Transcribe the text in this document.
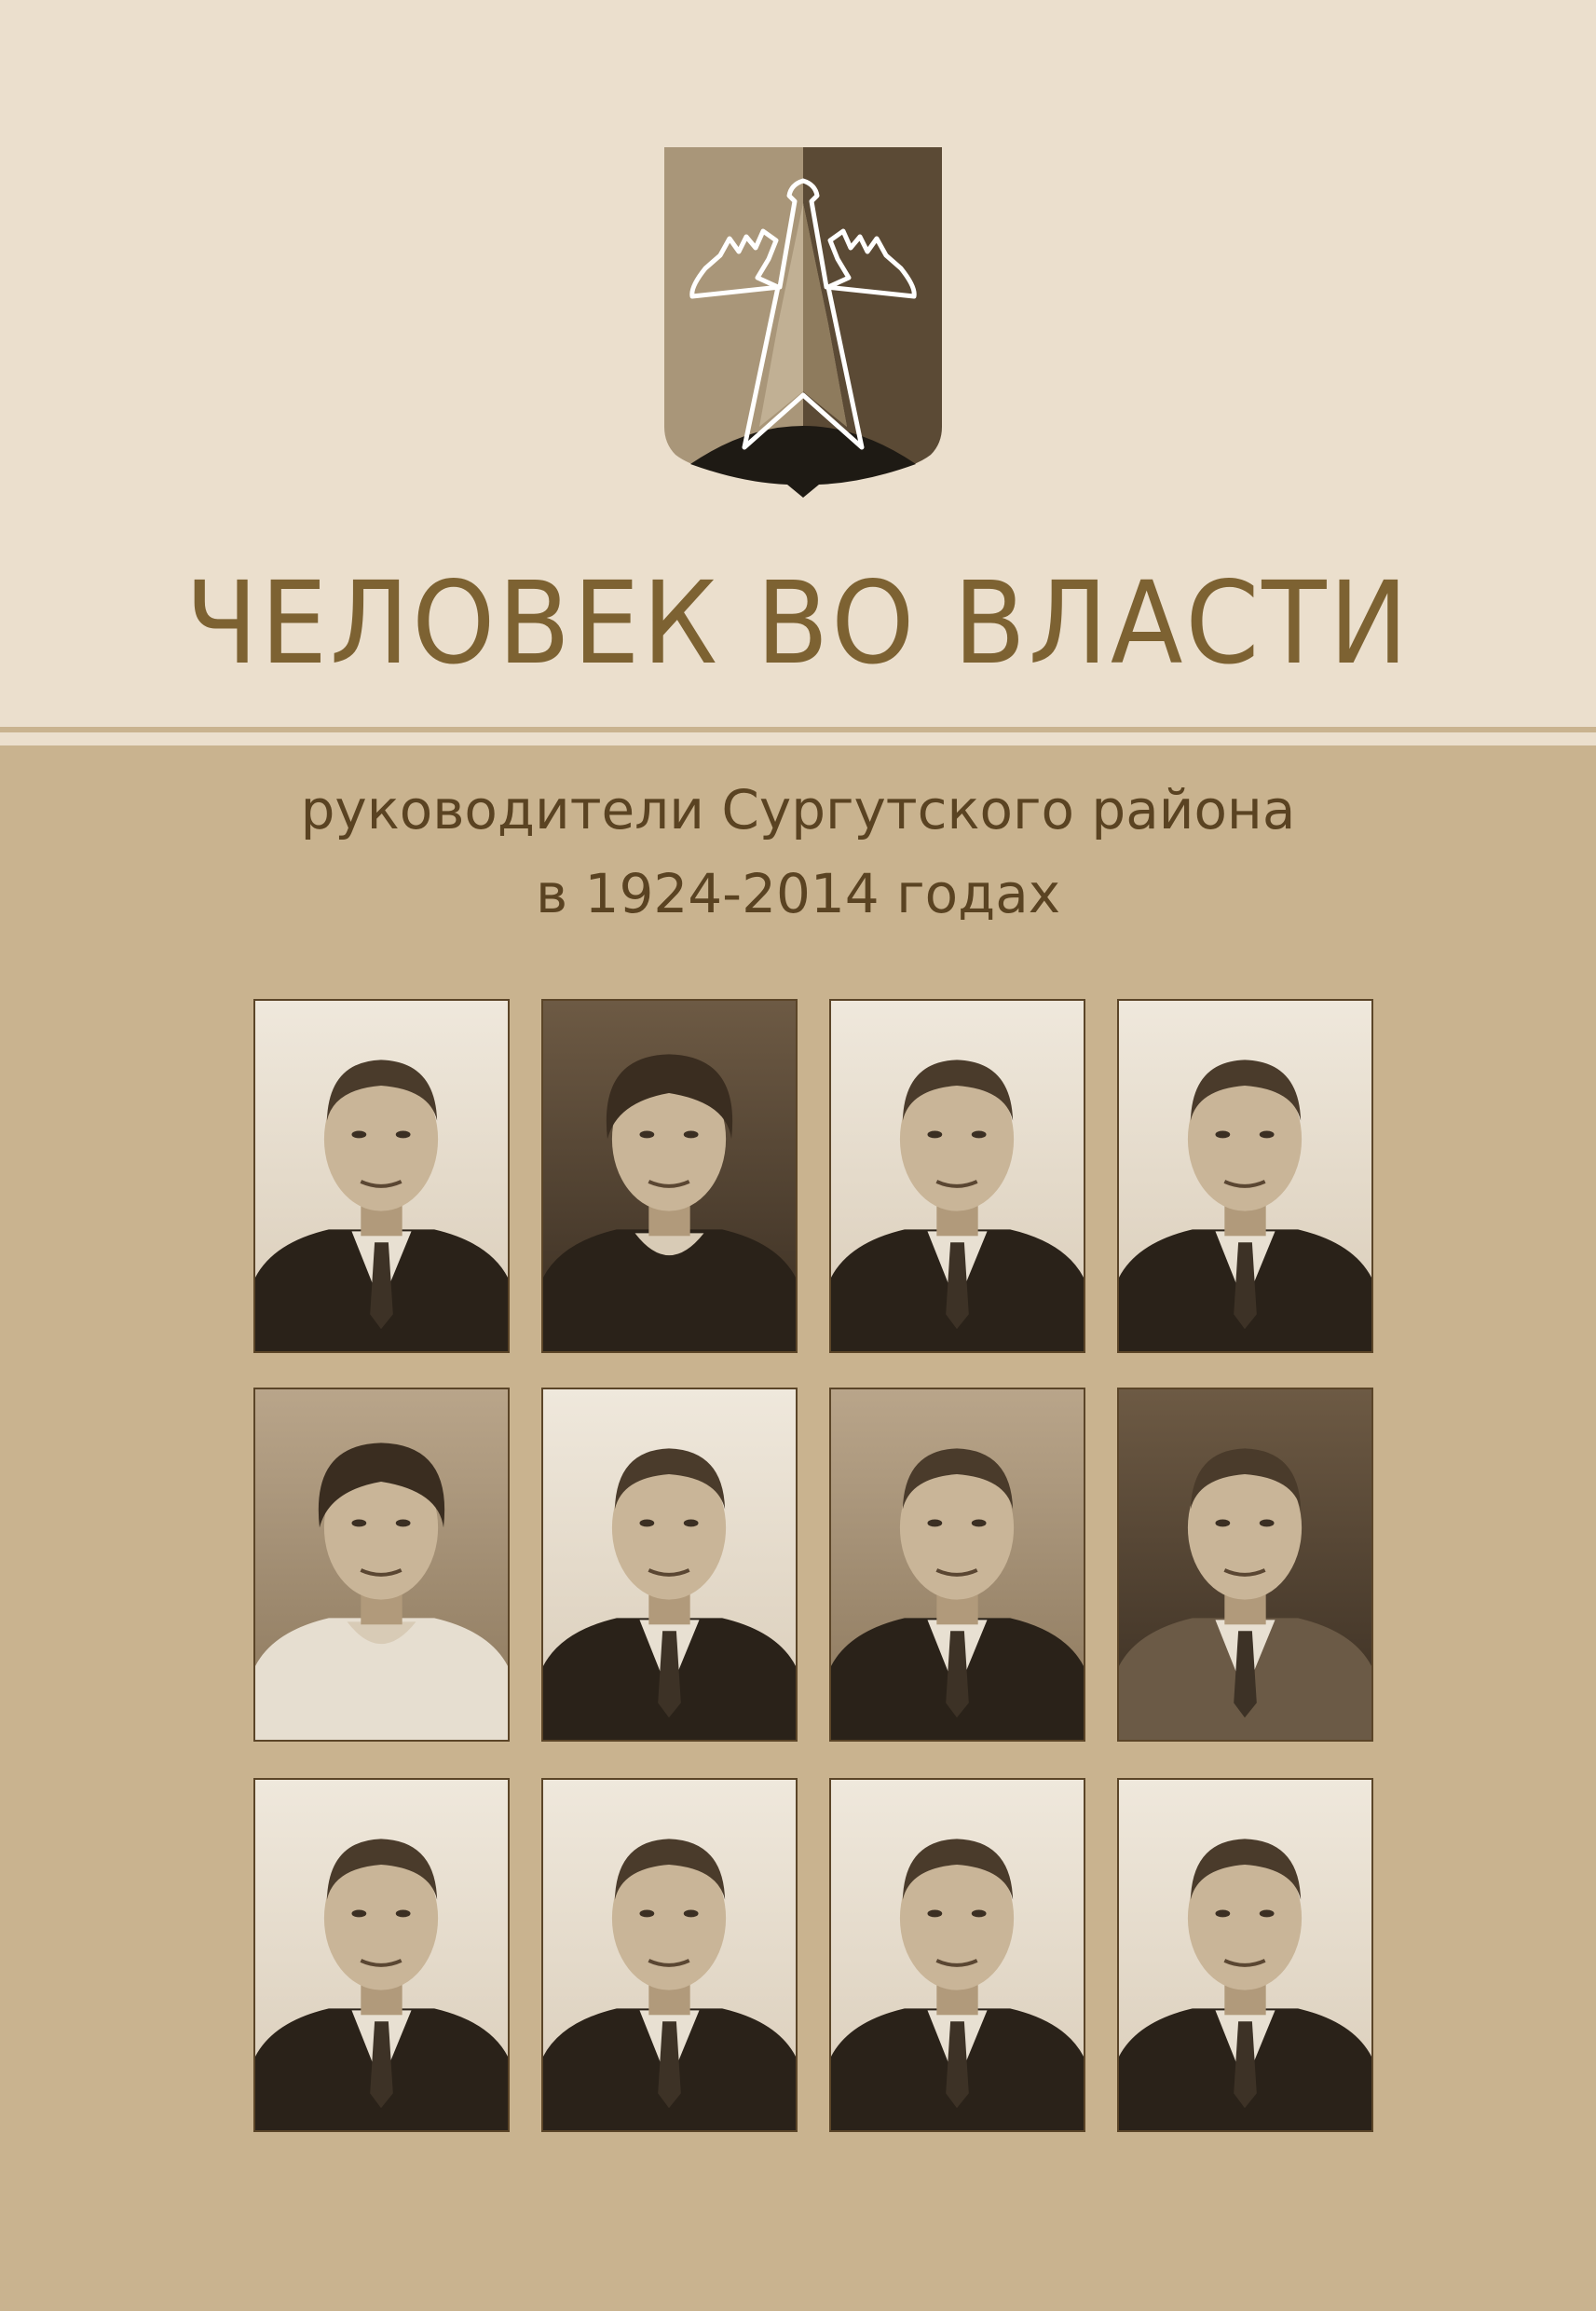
ЧЕЛОВЕК ВО ВЛАСТИ
руководители Сургутского района
в 1924-2014 годах
